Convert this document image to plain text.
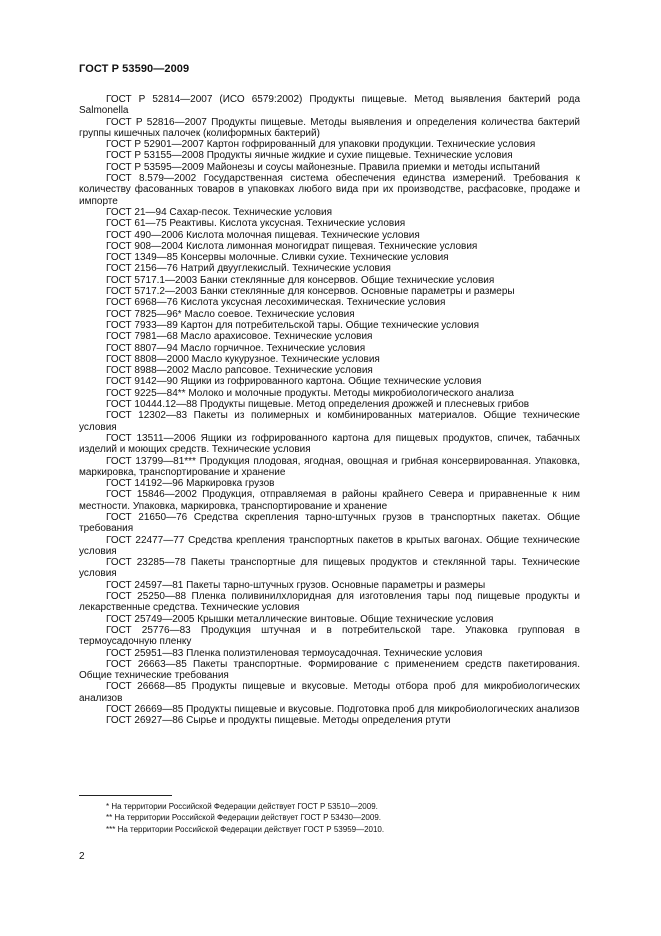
ГОСТ Р 53590—2009

ГОСТ Р 52814—2007 (ИСО 6579:2002) Продукты пищевые. Метод выявления бактерий рода Salmonella

ГОСТ Р 52816—2007 Продукты пищевые. Методы выявления и определения количества бактерий группы кишечных палочек (колиформных бактерий)

ГОСТ Р 52901—2007 Картон гофрированный для упаковки продукции. Технические условия

ГОСТ Р 53155—2008 Продукты яичные жидкие и сухие пищевые. Технические условия

ГОСТ Р 53595—2009 Майонезы и соусы майонезные. Правила приемки и методы испытаний

ГОСТ 8.579—2002 Государственная система обеспечения единства измерений. Требования к количеству фасованных товаров в упаковках любого вида при их производстве, расфасовке, продаже и импорте

ГОСТ 21—94 Сахар-песок. Технические условия

ГОСТ 61—75 Реактивы. Кислота уксусная. Технические условия

ГОСТ 490—2006 Кислота молочная пищевая. Технические условия

ГОСТ 908—2004 Кислота лимонная моногидрат пищевая. Технические условия

ГОСТ 1349—85 Консервы молочные. Сливки сухие. Технические условия

ГОСТ 2156—76 Натрий двууглекислый. Технические условия

ГОСТ 5717.1—2003 Банки стеклянные для консервов. Общие технические условия

ГОСТ 5717.2—2003 Банки стеклянные для консервов. Основные параметры и размеры

ГОСТ 6968—76 Кислота уксусная лесохимическая. Технические условия

ГОСТ 7825—96* Масло соевое. Технические условия

ГОСТ 7933—89 Картон для потребительской тары. Общие технические условия

ГОСТ 7981—68 Масло арахисовое. Технические условия

ГОСТ 8807—94 Масло горчичное. Технические условия

ГОСТ 8808—2000 Масло кукурузное. Технические условия

ГОСТ 8988—2002 Масло рапсовое. Технические условия

ГОСТ 9142—90 Ящики из гофрированного картона. Общие технические условия

ГОСТ 9225—84** Молоко и молочные продукты. Методы микробиологического анализа

ГОСТ 10444.12—88 Продукты пищевые. Метод определения дрожжей и плесневых грибов

ГОСТ 12302—83 Пакеты из полимерных и комбинированных материалов. Общие технические условия

ГОСТ 13511—2006 Ящики из гофрированного картона для пищевых продуктов, спичек, табачных изделий и моющих средств. Технические условия

ГОСТ 13799—81*** Продукция плодовая, ягодная, овощная и грибная консервированная. Упаковка, маркировка, транспортирование и хранение

ГОСТ 14192—96 Маркировка грузов

ГОСТ 15846—2002 Продукция, отправляемая в районы крайнего Севера и приравненные к ним местности. Упаковка, маркировка, транспортирование и хранение

ГОСТ 21650—76 Средства скрепления тарно-штучных грузов в транспортных пакетах. Общие требования

ГОСТ 22477—77 Средства крепления транспортных пакетов в крытых вагонах. Общие технические условия

ГОСТ 23285—78 Пакеты транспортные для пищевых продуктов и стеклянной тары. Технические условия

ГОСТ 24597—81 Пакеты тарно-штучных грузов. Основные параметры и размеры

ГОСТ 25250—88 Пленка поливинилхлоридная для изготовления тары под пищевые продукты и лекарственные средства. Технические условия

ГОСТ 25749—2005 Крышки металлические винтовые. Общие технические условия

ГОСТ 25776—83 Продукция штучная и в потребительской таре. Упаковка групповая в термоусадочную пленку

ГОСТ 25951—83 Пленка полиэтиленовая термоусадочная. Технические условия

ГОСТ 26663—85 Пакеты транспортные. Формирование с применением средств пакетирования. Общие технические требования

ГОСТ 26668—85 Продукты пищевые и вкусовые. Методы отбора проб для микробиологических анализов

ГОСТ 26669—85 Продукты пищевые и вкусовые. Подготовка проб для микробиологических анализов

ГОСТ 26927—86 Сырье и продукты пищевые. Методы определения ртути

* На территории Российской Федерации действует ГОСТ Р 53510—2009.
** На территории Российской Федерации действует ГОСТ Р 53430—2009.
*** На территории Российской Федерации действует ГОСТ Р 53959—2010.
2
